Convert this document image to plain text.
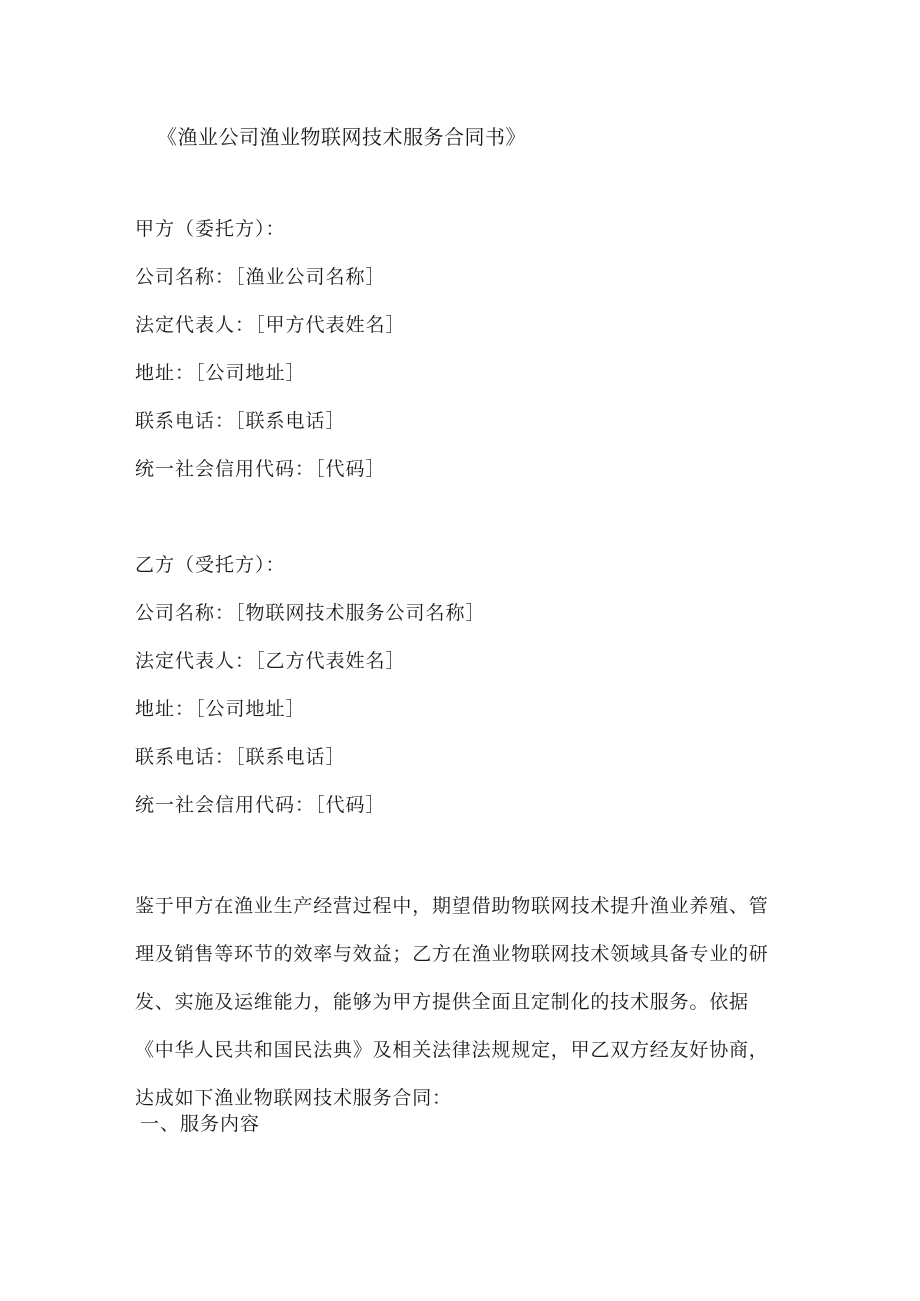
《渔业公司渔业物联网技术服务合同书》
甲方（委托方）：
公司名称：［渔业公司名称］
法定代表人：［甲方代表姓名］
地址：［公司地址］
联系电话：［联系电话］
统一社会信用代码：［代码］
乙方（受托方）：
公司名称：［物联网技术服务公司名称］
法定代表人：［乙方代表姓名］
地址：［公司地址］
联系电话：［联系电话］
统一社会信用代码：［代码］
鉴于甲方在渔业生产经营过程中，期望借助物联网技术提升渔业养殖、管
理及销售等环节的效率与效益；乙方在渔业物联网技术领域具备专业的研
发、实施及运维能力，能够为甲方提供全面且定制化的技术服务。依据
《中华人民共和国民法典》及相关法律法规规定，甲乙双方经友好协商，
达成如下渔业物联网技术服务合同：
一、服务内容
